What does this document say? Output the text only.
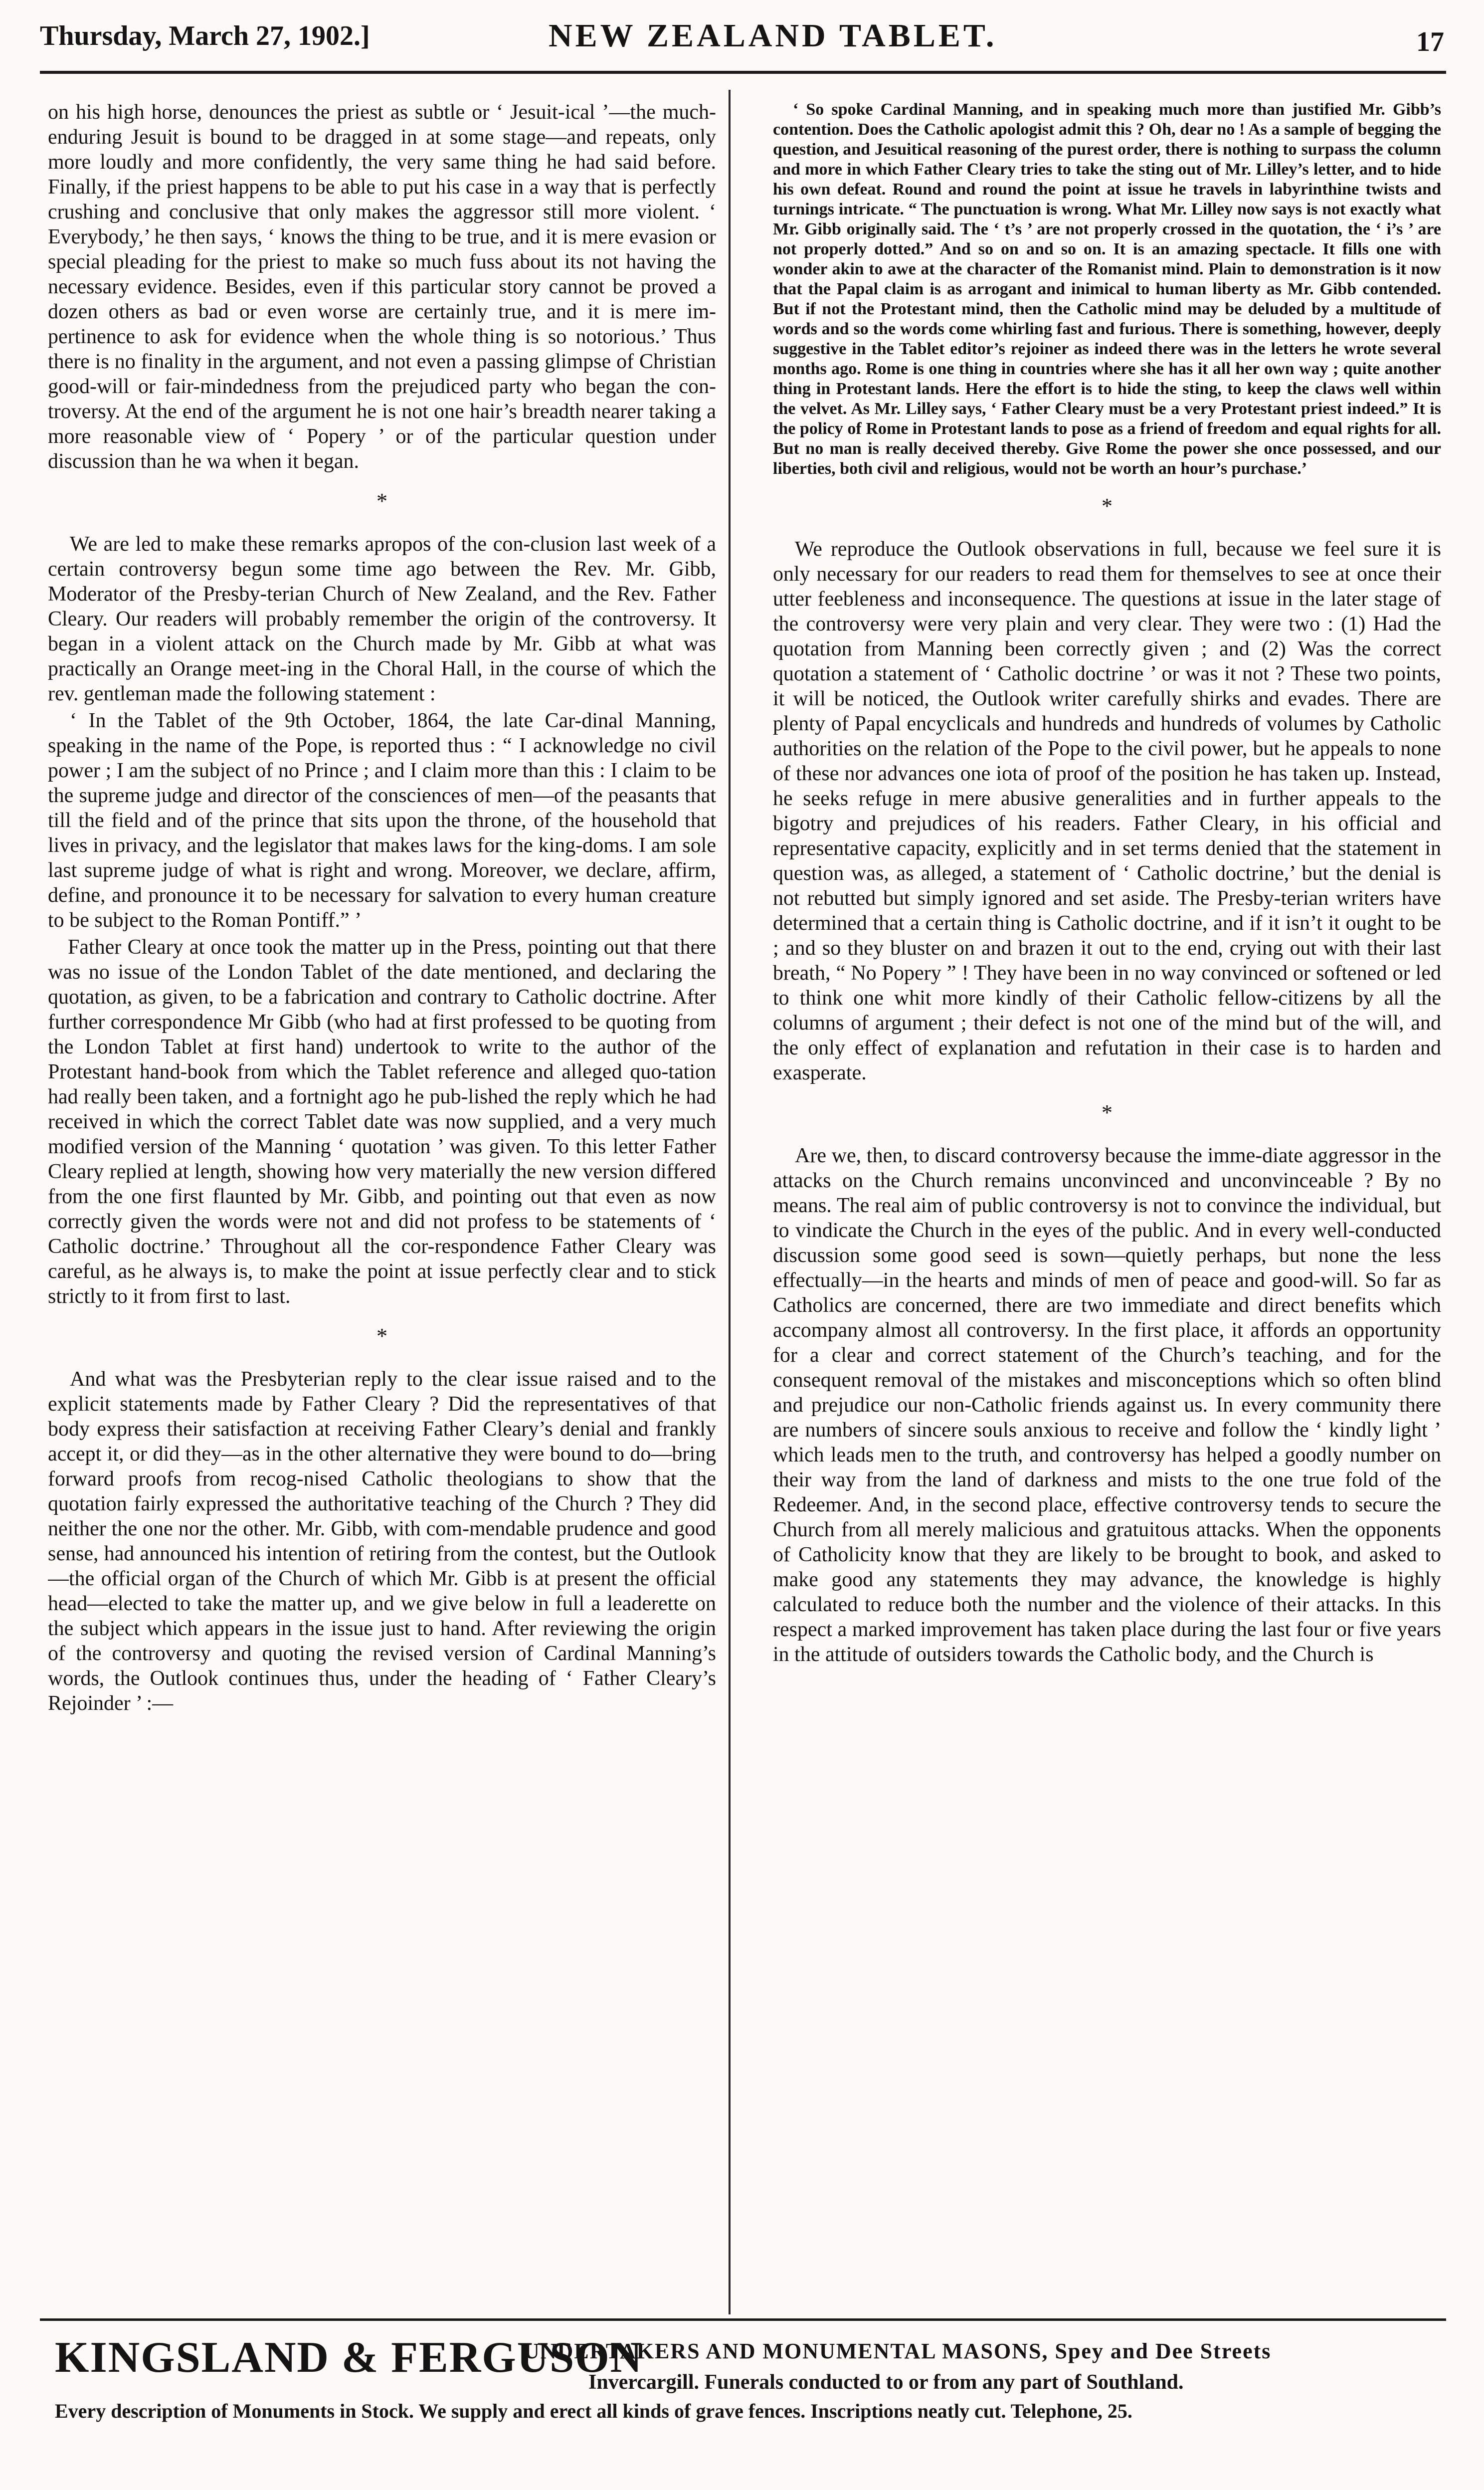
Thursday, March 27, 1902.]	NEW ZEALAND TABLET.	17

on his high horse, denounces the priest as subtle or ‘ Jesuit-ical ’—the much-enduring Jesuit is bound to be dragged in at some stage—and repeats, only more loudly and more confidently, the very same thing he had said before. Finally, if the priest happens to be able to put his case in a way that is perfectly crushing and conclusive that only makes the aggressor still more violent. ‘ Everybody,’ he then says, ‘ knows the thing to be true, and it is mere evasion or special pleading for the priest to make so much fuss about its not having the necessary evidence. Besides, even if this particular story cannot be proved a dozen others as bad or even worse are certainly true, and it is mere im-pertinence to ask for evidence when the whole thing is so notorious.’ Thus there is no finality in the argument, and not even a passing glimpse of Christian good-will or fair-mindedness from the prejudiced party who began the con-troversy. At the end of the argument he is not one hair’s breadth nearer taking a more reasonable view of ‘ Popery ’ or of the particular question under discussion than he wa when it began.

*

We are led to make these remarks apropos of the con-clusion last week of a certain controversy begun some time ago between the Rev. Mr. Gibb, Moderator of the Presby-terian Church of New Zealand, and the Rev. Father Cleary. Our readers will probably remember the origin of the controversy. It began in a violent attack on the Church made by Mr. Gibb at what was practically an Orange meet-ing in the Choral Hall, in the course of which the rev. gentleman made the following statement :

‘ In the Tablet of the 9th October, 1864, the late Car-dinal Manning, speaking in the name of the Pope, is reported thus : “ I acknowledge no civil power ; I am the subject of no Prince ; and I claim more than this : I claim to be the supreme judge and director of the consciences of men—of the peasants that till the field and of the prince that sits upon the throne, of the household that lives in privacy, and the legislator that makes laws for the king-doms. I am sole last supreme judge of what is right and wrong. Moreover, we declare, affirm, define, and pronounce it to be necessary for salvation to every human creature to be subject to the Roman Pontiff.” ’

Father Cleary at once took the matter up in the Press, pointing out that there was no issue of the London Tablet of the date mentioned, and declaring the quotation, as given, to be a fabrication and contrary to Catholic doctrine. After further correspondence Mr Gibb (who had at first professed to be quoting from the London Tablet at first hand) undertook to write to the author of the Protestant hand-book from which the Tablet reference and alleged quo-tation had really been taken, and a fortnight ago he pub-lished the reply which he had received in which the correct Tablet date was now supplied, and a very much modified version of the Manning ‘ quotation ’ was given. To this letter Father Cleary replied at length, showing how very materially the new version differed from the one first flaunted by Mr. Gibb, and pointing out that even as now correctly given the words were not and did not profess to be statements of ‘ Catholic doctrine.’ Throughout all the cor-respondence Father Cleary was careful, as he always is, to make the point at issue perfectly clear and to stick strictly to it from first to last.

*

And what was the Presbyterian reply to the clear issue raised and to the explicit statements made by Father Cleary ? Did the representatives of that body express their satisfaction at receiving Father Cleary’s denial and frankly accept it, or did they—as in the other alternative they were bound to do—bring forward proofs from recog-nised Catholic theologians to show that the quotation fairly expressed the authoritative teaching of the Church ? They did neither the one nor the other. Mr. Gibb, with com-mendable prudence and good sense, had announced his intention of retiring from the contest, but the Outlook—the official organ of the Church of which Mr. Gibb is at present the official head—elected to take the matter up, and we give below in full a leaderette on the subject which appears in the issue just to hand. After reviewing the origin of the controversy and quoting the revised version of Cardinal Manning’s words, the Outlook continues thus, under the heading of ‘ Father Cleary’s Rejoinder ’ :—

‘ So spoke Cardinal Manning, and in speaking much more than justified Mr. Gibb’s contention. Does the Catholic apologist admit this ? Oh, dear no ! As a sample of begging the question, and Jesuitical reasoning of the purest order, there is nothing to surpass the column and more in which Father Cleary tries to take the sting out of Mr. Lilley’s letter, and to hide his own defeat. Round and round the point at issue he travels in labyrinthine twists and turnings intricate. “ The punctuation is wrong. What Mr. Lilley now says is not exactly what Mr. Gibb originally said. The ‘ t’s ’ are not properly crossed in the quotation, the ‘ i’s ’ are not properly dotted.” And so on and so on. It is an amazing spectacle. It fills one with wonder akin to awe at the character of the Romanist mind. Plain to demonstration is it now that the Papal claim is as arrogant and inimical to human liberty as Mr. Gibb contended. But if not the Protestant mind, then the Catholic mind may be deluded by a multitude of words and so the words come whirling fast and furious. There is something, however, deeply suggestive in the Tablet editor’s rejoiner as indeed there was in the letters he wrote several months ago. Rome is one thing in countries where she has it all her own way ; quite another thing in Protestant lands. Here the effort is to hide the sting, to keep the claws well within the velvet. As Mr. Lilley says, ‘ Father Cleary must be a very Protestant priest indeed.” It is the policy of Rome in Protestant lands to pose as a friend of freedom and equal rights for all. But no man is really deceived thereby. Give Rome the power she once possessed, and our liberties, both civil and religious, would not be worth an hour’s purchase.’

*

We reproduce the Outlook observations in full, because we feel sure it is only necessary for our readers to read them for themselves to see at once their utter feebleness and inconsequence. The questions at issue in the later stage of the controversy were very plain and very clear. They were two : (1) Had the quotation from Manning been correctly given ; and (2) Was the correct quotation a statement of ‘ Catholic doctrine ’ or was it not ? These two points, it will be noticed, the Outlook writer carefully shirks and evades. There are plenty of Papal encyclicals and hundreds and hundreds of volumes by Catholic authorities on the relation of the Pope to the civil power, but he appeals to none of these nor advances one iota of proof of the position he has taken up. Instead, he seeks refuge in mere abusive generalities and in further appeals to the bigotry and prejudices of his readers. Father Cleary, in his official and representative capacity, explicitly and in set terms denied that the statement in question was, as alleged, a statement of ‘ Catholic doctrine,’ but the denial is not rebutted but simply ignored and set aside. The Presby-terian writers have determined that a certain thing is Catholic doctrine, and if it isn’t it ought to be ; and so they bluster on and brazen it out to the end, crying out with their last breath, “ No Popery ” ! They have been in no way convinced or softened or led to think one whit more kindly of their Catholic fellow-citizens by all the columns of argument ; their defect is not one of the mind but of the will, and the only effect of explanation and refutation in their case is to harden and exasperate.

*

Are we, then, to discard controversy because the imme-diate aggressor in the attacks on the Church remains unconvinced and unconvinceable ? By no means. The real aim of public controversy is not to convince the individual, but to vindicate the Church in the eyes of the public. And in every well-conducted discussion some good seed is sown—quietly perhaps, but none the less effectually—in the hearts and minds of men of peace and good-will. So far as Catholics are concerned, there are two immediate and direct benefits which accompany almost all controversy. In the first place, it affords an opportunity for a clear and correct statement of the Church’s teaching, and for the consequent removal of the mistakes and misconceptions which so often blind and prejudice our non-Catholic friends against us. In every community there are numbers of sincere souls anxious to receive and follow the ‘ kindly light ’ which leads men to the truth, and controversy has helped a goodly number on their way from the land of darkness and mists to the one true fold of the Redeemer. And, in the second place, effective controversy tends to secure the Church from all merely malicious and gratuitous attacks. When the opponents of Catholicity know that they are likely to be brought to book, and asked to make good any statements they may advance, the knowledge is highly calculated to reduce both the number and the violence of their attacks. In this respect a marked improvement has taken place during the last four or five years in the attitude of outsiders towards the Catholic body, and the Church is

KINGSLAND & FERGUSON
UNDERTAKERS AND MONUMENTAL MASONS, Spey and Dee Streets
Invercargill. Funerals conducted to or from any part of Southland.
Every description of Monuments in Stock. We supply and erect all kinds of grave fences. Inscriptions neatly cut. Telephone, 25.
